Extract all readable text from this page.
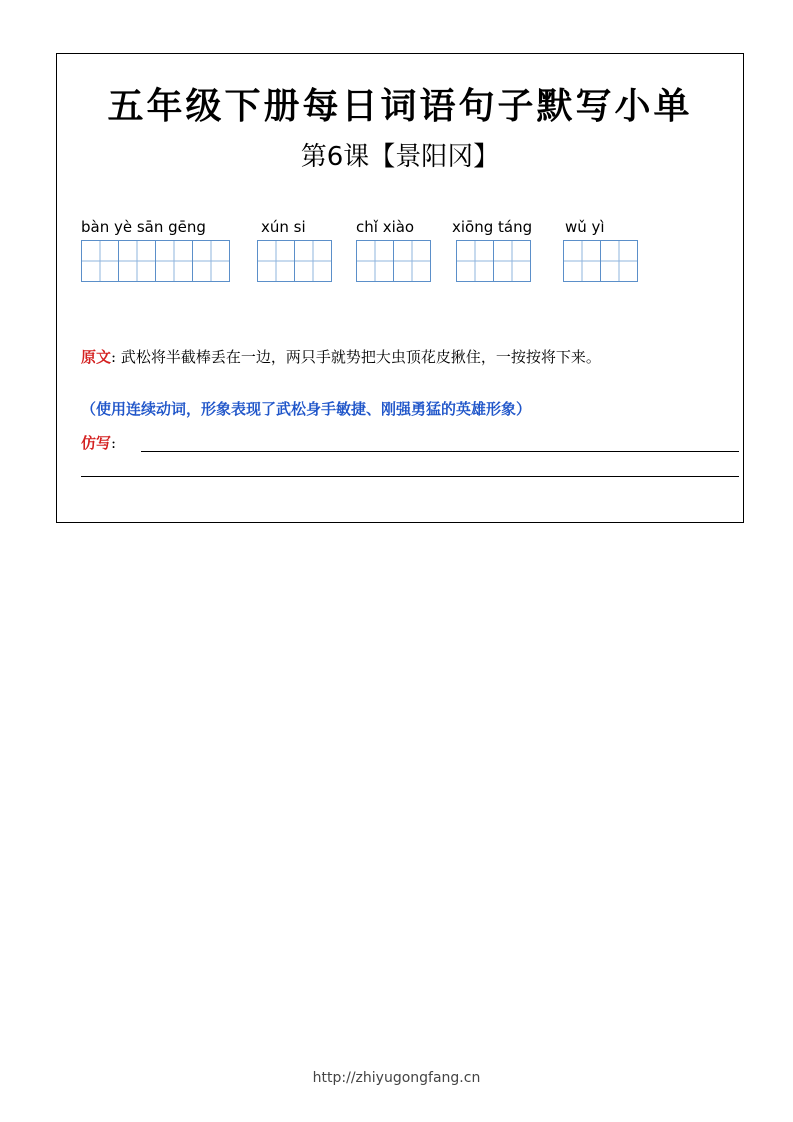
五年级下册每日词语句子默写小单
第6课【景阳冈】
bàn yè sān gēng	xún si	chǐ xiào	xiōng táng wǔ yì
原文: 武松将半截棒丢在一边，两只手就势把大虫顶花皮揪住，一按按将下来。
（使用连续动词，形象表现了武松身手敏捷、刚强勇猛的英雄形象）
仿写:
http://zhiyugongfang.cn
